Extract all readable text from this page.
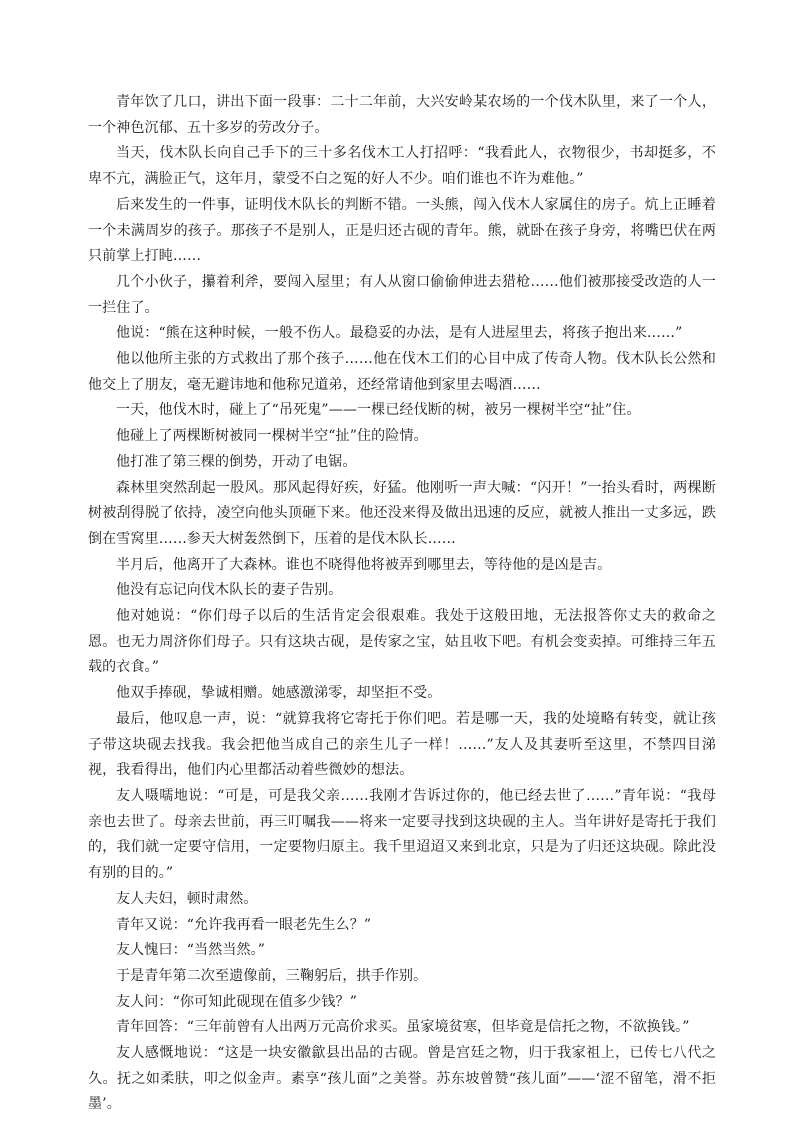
青年饮了几口，讲出下面一段事：二十二年前，大兴安岭某农场的一个伐木队里，来了一个人，一个神色沉郁、五十多岁的劳改分子。

当天，伐木队长向自己手下的三十多名伐木工人打招呼：“我看此人，衣物很少，书却挺多，不卑不亢，满脸正气，这年月，蒙受不白之冤的好人不少。咱们谁也不许为难他。”

后来发生的一件事，证明伐木队长的判断不错。一头熊，闯入伐木人家属住的房子。炕上正睡着一个未满周岁的孩子。那孩子不是别人，正是归还古砚的青年。熊，就卧在孩子身旁，将嘴巴伏在两只前掌上打盹……

几个小伙子，攥着利斧，要闯入屋里；有人从窗口偷偷伸进去猎枪……他们被那接受改造的人一一拦住了。

他说：“熊在这种时候，一般不伤人。最稳妥的办法，是有人进屋里去，将孩子抱出来……”

他以他所主张的方式救出了那个孩子……他在伐木工们的心目中成了传奇人物。伐木队长公然和他交上了朋友，毫无避讳地和他称兄道弟，还经常请他到家里去喝酒……

一天，他伐木时，碰上了“吊死鬼”——一棵已经伐断的树，被另一棵树半空“扯”住。

他碰上了两棵断树被同一棵树半空“扯”住的险情。

他打准了第三棵的倒势，开动了电锯。

森林里突然刮起一股风。那风起得好疾，好猛。他刚听一声大喊：“闪开！”一抬头看时，两棵断树被刮得脱了依持，凌空向他头顶砸下来。他还没来得及做出迅速的反应，就被人推出一丈多远，跌倒在雪窝里……参天大树轰然倒下，压着的是伐木队长……

半月后，他离开了大森林。谁也不晓得他将被弄到哪里去，等待他的是凶是吉。

他没有忘记向伐木队长的妻子告别。

他对她说：“你们母子以后的生活肯定会很艰难。我处于这般田地，无法报答你丈夫的救命之恩。也无力周济你们母子。只有这块古砚，是传家之宝，姑且收下吧。有机会变卖掉。可维持三年五载的衣食。”

他双手捧砚，挚诚相赠。她感激涕零，却坚拒不受。

最后，他叹息一声，说：“就算我将它寄托于你们吧。若是哪一天，我的处境略有转变，就让孩子带这块砚去找我。我会把他当成自己的亲生儿子一样！……”友人及其妻听至这里，不禁四目涕视，我看得出，他们内心里都活动着些微妙的想法。

友人嗫嚅地说：“可是，可是我父亲……我刚才告诉过你的，他已经去世了……”青年说：“我母亲也去世了。母亲去世前，再三叮嘱我——将来一定要寻找到这块砚的主人。当年讲好是寄托于我们的，我们就一定要守信用，一定要物归原主。我千里迢迢又来到北京，只是为了归还这块砚。除此没有别的目的。”

友人夫妇，顿时肃然。

青年又说：“允许我再看一眼老先生么？”

友人愧曰：“当然当然。”

于是青年第二次至遗像前，三鞠躬后，拱手作别。

友人问：“你可知此砚现在值多少钱？”

青年回答：“三年前曾有人出两万元高价求买。虽家境贫寒，但毕竟是信托之物，不欲换钱。”

友人感慨地说：“这是一块安徽歙县出品的古砚。曾是宫廷之物，归于我家祖上，已传七八代之久。抚之如柔肤，叩之似金声。素享“孩儿面”之美誉。苏东坡曾赞“孩儿面”——‘涩不留笔，滑不拒墨’。
